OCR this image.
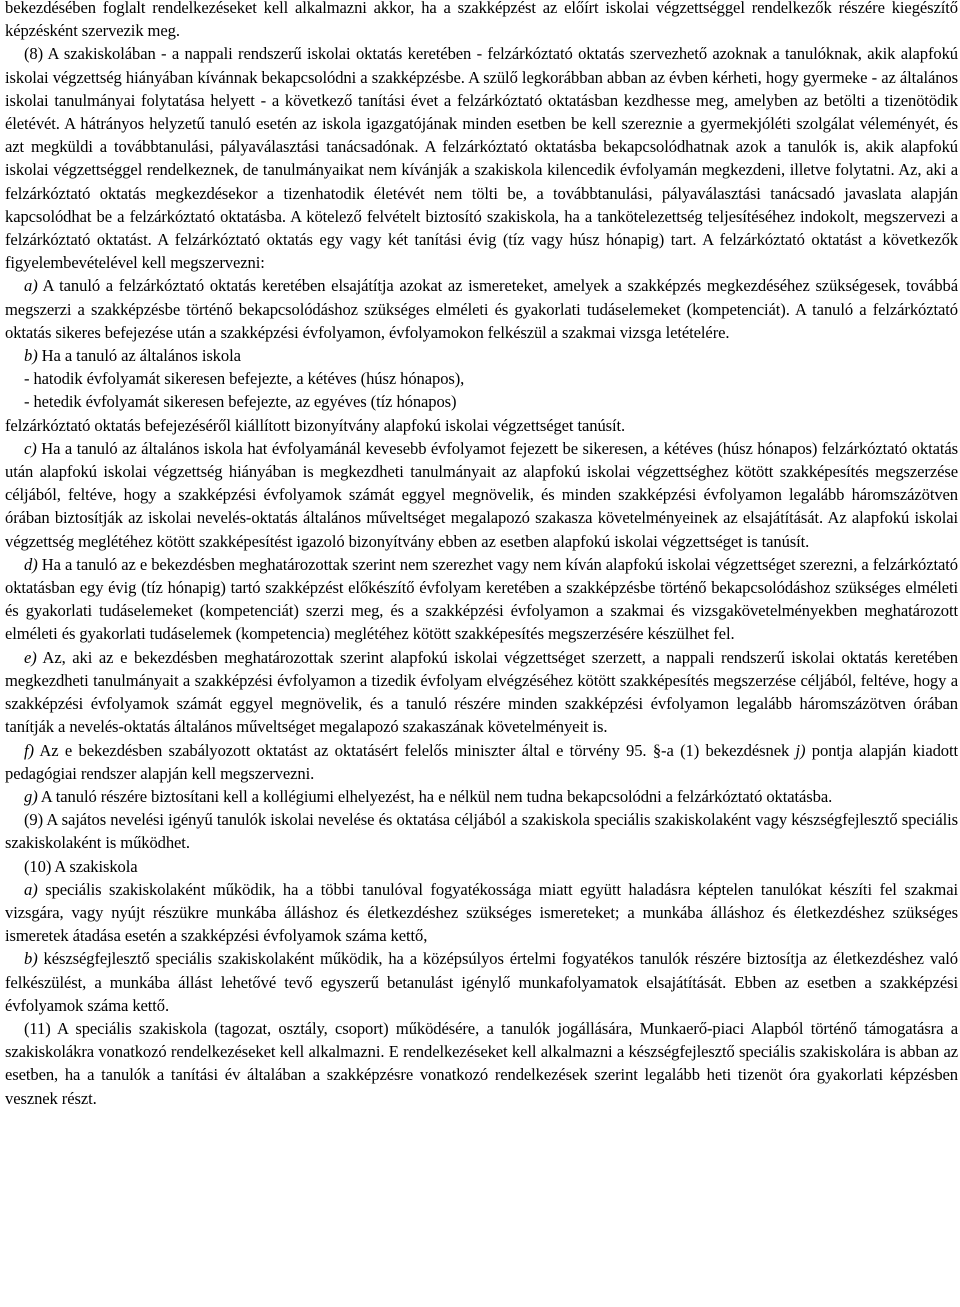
bekezdésében foglalt rendelkezéseket kell alkalmazni akkor, ha a szakképzést az előírt iskolai végzettséggel rendelkezők részére kiegészítő képzésként szervezik meg.

(8) A szakiskolában - a nappali rendszerű iskolai oktatás keretében - felzárkóztató oktatás szervezhető azoknak a tanulóknak, akik alapfokú iskolai végzettség hiányában kívánnak bekapcsolódni a szakképzésbe. A szülő legkorábban abban az évben kérheti, hogy gyermeke - az általános iskolai tanulmányai folytatása helyett - a következő tanítási évet a felzárkóztató oktatásban kezdhesse meg, amelyben az betölti a tizenötödik életévét. A hátrányos helyzetű tanuló esetén az iskola igazgatójának minden esetben be kell szereznie a gyermekjóléti szolgálat véleményét, és azt megküldi a továbbtanulási, pályaválasztási tanácsadónak. A felzárkóztató oktatásba bekapcsolódhatnak azok a tanulók is, akik alapfokú iskolai végzettséggel rendelkeznek, de tanulmányaikat nem kívánják a szakiskola kilencedik évfolyamán megkezdeni, illetve folytatni. Az, aki a felzárkóztató oktatás megkezdésekor a tizenhatodik életévét nem tölti be, a továbbtanulási, pályaválasztási tanácsadó javaslata alapján kapcsolódhat be a felzárkóztató oktatásba. A kötelező felvételt biztosító szakiskola, ha a tankötelezettség teljesítéséhez indokolt, megszervezi a felzárkóztató oktatást. A felzárkóztató oktatás egy vagy két tanítási évig (tíz vagy húsz hónapig) tart. A felzárkóztató oktatást a következők figyelembevételével kell megszervezni:

a) A tanuló a felzárkóztató oktatás keretében elsajátítja azokat az ismereteket, amelyek a szakképzés megkezdéséhez szükségesek, továbbá megszerzi a szakképzésbe történő bekapcsolódáshoz szükséges elméleti és gyakorlati tudáselemeket (kompetenciát). A tanuló a felzárkóztató oktatás sikeres befejezése után a szakképzési évfolyamon, évfolyamokon felkészül a szakmai vizsga letételére.

b) Ha a tanuló az általános iskola

- hatodik évfolyamát sikeresen befejezte, a kétéves (húsz hónapos),

- hetedik évfolyamát sikeresen befejezte, az egyéves (tíz hónapos)

felzárkóztató oktatás befejezéséről kiállított bizonyítvány alapfokú iskolai végzettséget tanúsít.

c) Ha a tanuló az általános iskola hat évfolyamánál kevesebb évfolyamot fejezett be sikeresen, a kétéves (húsz hónapos) felzárkóztató oktatás után alapfokú iskolai végzettség hiányában is megkezdheti tanulmányait az alapfokú iskolai végzettséghez kötött szakképesítés megszerzése céljából, feltéve, hogy a szakképzési évfolyamok számát eggyel megnövelik, és minden szakképzési évfolyamon legalább háromszázötven órában biztosítják az iskolai nevelés-oktatás általános műveltséget megalapozó szakasza követelményeinek az elsajátítását. Az alapfokú iskolai végzettség meglétéhez kötött szakképesítést igazoló bizonyítvány ebben az esetben alapfokú iskolai végzettséget is tanúsít.

d) Ha a tanuló az e bekezdésben meghatározottak szerint nem szerezhet vagy nem kíván alapfokú iskolai végzettséget szerezni, a felzárkóztató oktatásban egy évig (tíz hónapig) tartó szakképzést előkészítő évfolyam keretében a szakképzésbe történő bekapcsolódáshoz szükséges elméleti és gyakorlati tudáselemeket (kompetenciát) szerzi meg, és a szakképzési évfolyamon a szakmai és vizsgakövetelményekben meghatározott elméleti és gyakorlati tudáselemek (kompetencia) meglétéhez kötött szakképesítés megszerzésére készülhet fel.

e) Az, aki az e bekezdésben meghatározottak szerint alapfokú iskolai végzettséget szerzett, a nappali rendszerű iskolai oktatás keretében megkezdheti tanulmányait a szakképzési évfolyamon a tizedik évfolyam elvégzéséhez kötött szakképesítés megszerzése céljából, feltéve, hogy a szakképzési évfolyamok számát eggyel megnövelik, és a tanuló részére minden szakképzési évfolyamon legalább háromszázötven órában tanítják a nevelés-oktatás általános műveltséget megalapozó szakaszának követelményeit is.

f) Az e bekezdésben szabályozott oktatást az oktatásért felelős miniszter által e törvény 95. §-a (1) bekezdésnek j) pontja alapján kiadott pedagógiai rendszer alapján kell megszervezni.

g) A tanuló részére biztosítani kell a kollégiumi elhelyezést, ha e nélkül nem tudna bekapcsolódni a felzárkóztató oktatásba.

(9) A sajátos nevelési igényű tanulók iskolai nevelése és oktatása céljából a szakiskola speciális szakiskolaként vagy készségfejlesztő speciális szakiskolaként is működhet.

(10) A szakiskola

a) speciális szakiskolaként működik, ha a többi tanulóval fogyatékossága miatt együtt haladásra képtelen tanulókat készíti fel szakmai vizsgára, vagy nyújt részükre munkába álláshoz és életkezdéshez szükséges ismereteket; a munkába álláshoz és életkezdéshez szükséges ismeretek átadása esetén a szakképzési évfolyamok száma kettő,

b) készségfejlesztő speciális szakiskolaként működik, ha a középsúlyos értelmi fogyatékos tanulók részére biztosítja az életkezdéshez való felkészülést, a munkába állást lehetővé tevő egyszerű betanulást igénylő munkafolyamatok elsajátítását. Ebben az esetben a szakképzési évfolyamok száma kettő.

(11) A speciális szakiskola (tagozat, osztály, csoport) működésére, a tanulók jogállására, Munkaerő-piaci Alapból történő támogatásra a szakiskolákra vonatkozó rendelkezéseket kell alkalmazni. E rendelkezéseket kell alkalmazni a készségfejlesztő speciális szakiskolára is abban az esetben, ha a tanulók a tanítási év általában a szakképzésre vonatkozó rendelkezések szerint legalább heti tizenöt óra gyakorlati képzésben vesznek részt.
